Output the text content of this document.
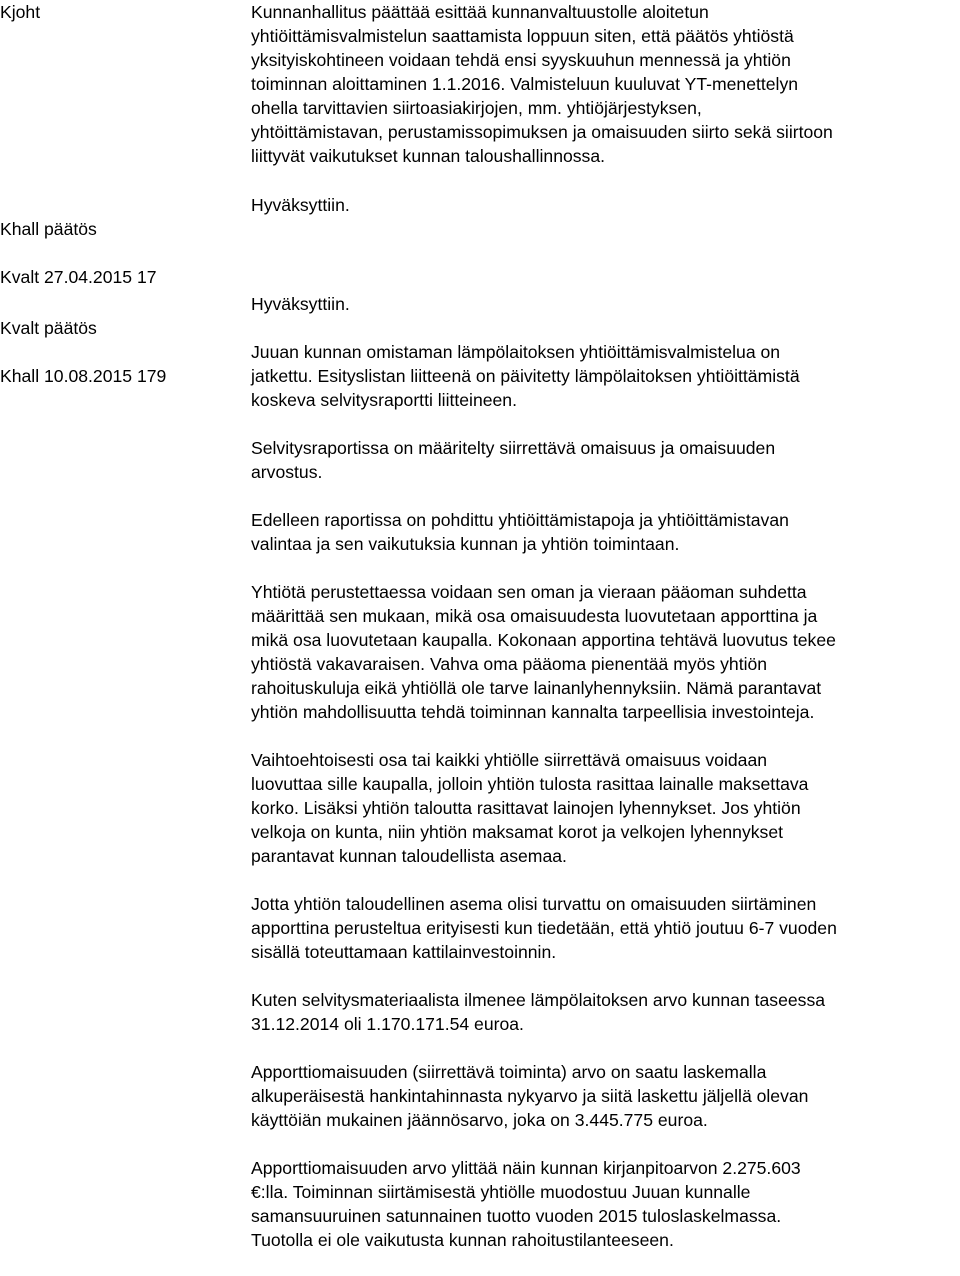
Kjoht	Kunnanhallitus päättää esittää kunnanvaltuustolle aloitetun
yhtiöittämisvalmistelun saattamista loppuun siten, että päätös yhtiöstä
yksityiskohtineen voidaan tehdä ensi syyskuuhun mennessä ja yhtiön
toiminnan aloittaminen 1.1.2016. Valmisteluun kuuluvat YT-menettelyn
ohella tarvittavien siirtoasiakirjojen, mm. yhtiöjärjestyksen,
yhtöittämistavan, perustamissopimuksen ja omaisuuden siirto sekä siirtoon
liittyvät vaikutukset kunnan taloushallinnossa.

Khall päätös

Kvalt 27.04.2015 17

Hyväksyttiin.

Kvalt päätös

Khall 10.08.2015 179

Hyväksyttiin.
Juuan kunnan omistaman lämpölaitoksen yhtiöittämisvalmistelua on
jatkettu. Esityslistan liitteenä on päivitetty lämpölaitoksen yhtiöittämistä
koskeva selvitysraportti liitteineen.
Selvitysraportissa on määritelty siirrettävä omaisuus ja omaisuuden
arvostus.
Edelleen raportissa on pohdittu yhtiöittämistapoja ja yhtiöittämistavan
valintaa ja sen vaikutuksia kunnan ja yhtiön toimintaan.
Yhtiötä perustettaessa voidaan sen oman ja vieraan pääoman suhdetta
määrittää sen mukaan, mikä osa omaisuudesta luovutetaan apporttina ja
mikä osa luovutetaan kaupalla. Kokonaan apportina tehtävä luovutus tekee
yhtiöstä vakavaraisen. Vahva oma pääoma pienentää myös yhtiön
rahoituskuluja eikä yhtiöllä ole tarve lainanlyhennyksiin. Nämä parantavat
yhtiön mahdollisuutta tehdä toiminnan kannalta tarpeellisia investointeja.
Vaihtoehtoisesti osa tai kaikki yhtiölle siirrettävä omaisuus voidaan
luovuttaa sille kaupalla, jolloin yhtiön tulosta rasittaa lainalle maksettava
korko. Lisäksi yhtiön taloutta rasittavat lainojen lyhennykset. Jos yhtiön
velkoja on kunta, niin yhtiön maksamat korot ja velkojen lyhennykset
parantavat kunnan taloudellista asemaa.
Jotta yhtiön taloudellinen asema olisi turvattu on omaisuuden siirtäminen
apporttina perusteltua erityisesti kun tiedetään, että yhtiö joutuu 6-7 vuoden
sisällä toteuttamaan kattilainvestoinnin.
Kuten selvitysmateriaalista ilmenee lämpölaitoksen arvo kunnan taseessa
31.12.2014 oli 1.170.171.54 euroa.
Apporttiomaisuuden (siirrettävä toiminta) arvo on saatu laskemalla
alkuperäisestä hankintahinnasta nykyarvo ja siitä laskettu jäljellä olevan
käyttöiän mukainen jäännösarvo, joka on 3.445.775 euroa.
Apporttiomaisuuden arvo ylittää näin kunnan kirjanpitoarvon 2.275.603
€:lla. Toiminnan siirtämisestä yhtiölle muodostuu Juuan kunnalle
samansuuruinen satunnainen tuotto vuoden 2015 tuloslaskelmassa.
Tuotolla ei ole vaikutusta kunnan rahoitustilanteeseen.
